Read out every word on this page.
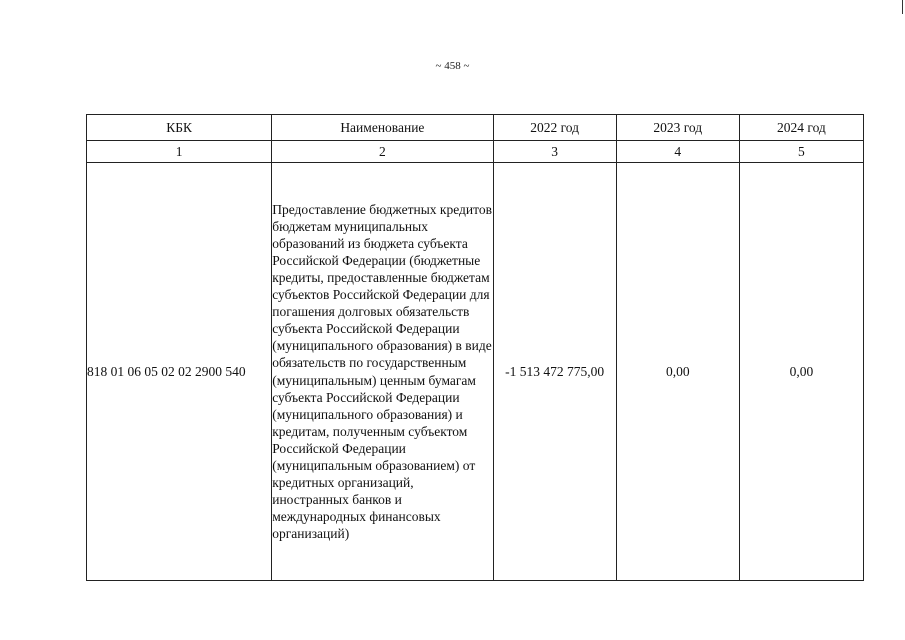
~ 458 ~
КБК	Наименование	2022 год	2023 год	2024 год
1	2	3	4	5
818 01 06 05 02 02 2900 540	Предоставление бюджетных кредитов бюджетам муниципальных образований из бюджета субъекта Российской Федерации (бюджетные кредиты, предоставленные бюджетам субъектов Российской Федерации для погашения долговых обязательств субъекта Российской Федерации (муниципального образования) в виде обязательств по государственным (муниципальным) ценным бумагам субъекта Российской Федерации (муниципального образования) и кредитам, полученным субъектом Российской Федерации (муниципальным образованием) от кредитных организаций, иностранных банков и международных финансовых организаций)	-1 513 472 775,00	0,00	0,00
